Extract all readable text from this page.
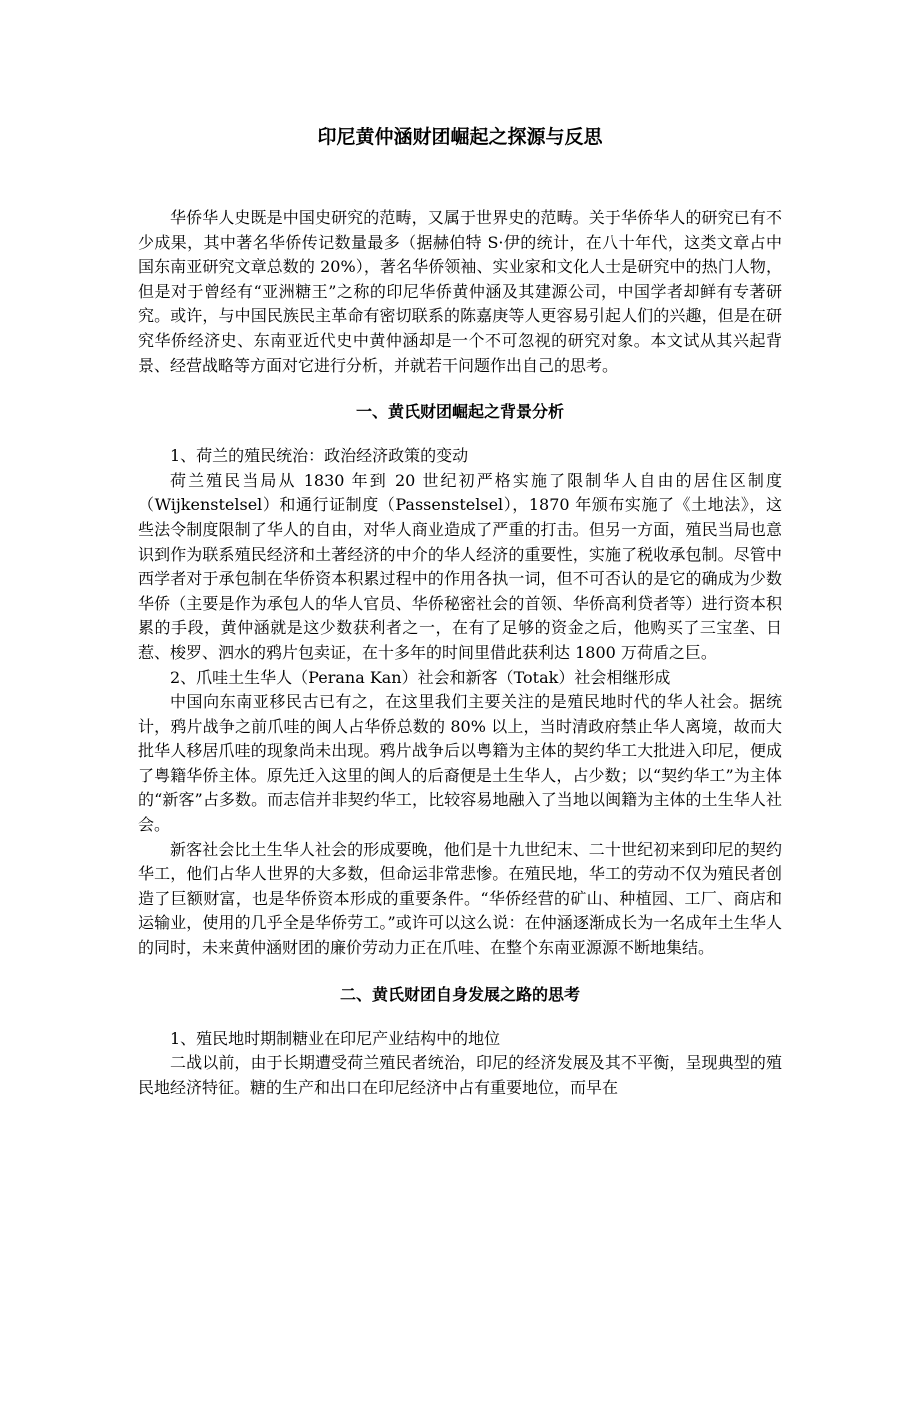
印尼黄仲涵财团崛起之探源与反思

华侨华人史既是中国史研究的范畴，又属于世界史的范畴。关于华侨华人的研究已有不少成果，其中著名华侨传记数量最多（据赫伯特 S·伊的统计，在八十年代，这类文章占中国东南亚研究文章总数的 20%），著名华侨领袖、实业家和文化人士是研究中的热门人物，但是对于曾经有“亚洲糖王”之称的印尼华侨黄仲涵及其建源公司，中国学者却鲜有专著研究。或许，与中国民族民主革命有密切联系的陈嘉庚等人更容易引起人们的兴趣，但是在研究华侨经济史、东南亚近代史中黄仲涵却是一个不可忽视的研究对象。本文试从其兴起背景、经营战略等方面对它进行分析，并就若干问题作出自己的思考。

一、黄氏财团崛起之背景分析

1、荷兰的殖民统治：政治经济政策的变动

荷兰殖民当局从 1830 年到 20 世纪初严格实施了限制华人自由的居住区制度（Wijkenstelsel）和通行证制度（Passenstelsel），1870 年颁布实施了《土地法》，这些法令制度限制了华人的自由，对华人商业造成了严重的打击。但另一方面，殖民当局也意识到作为联系殖民经济和土著经济的中介的华人经济的重要性，实施了税收承包制。尽管中西学者对于承包制在华侨资本积累过程中的作用各执一词，但不可否认的是它的确成为少数华侨（主要是作为承包人的华人官员、华侨秘密社会的首领、华侨高利贷者等）进行资本积累的手段，黄仲涵就是这少数获利者之一，在有了足够的资金之后，他购买了三宝垄、日惹、梭罗、泗水的鸦片包卖证，在十多年的时间里借此获利达 1800 万荷盾之巨。

2、爪哇土生华人（Perana Kan）社会和新客（Totak）社会相继形成

中国向东南亚移民古已有之，在这里我们主要关注的是殖民地时代的华人社会。据统计，鸦片战争之前爪哇的闽人占华侨总数的 80% 以上，当时清政府禁止华人离境，故而大批华人移居爪哇的现象尚未出现。鸦片战争后以粤籍为主体的契约华工大批进入印尼，便成了粤籍华侨主体。原先迁入这里的闽人的后裔便是土生华人，占少数；以“契约华工”为主体的“新客”占多数。而志信并非契约华工，比较容易地融入了当地以闽籍为主体的土生华人社会。

新客社会比土生华人社会的形成要晚，他们是十九世纪末、二十世纪初来到印尼的契约华工，他们占华人世界的大多数，但命运非常悲惨。在殖民地，华工的劳动不仅为殖民者创造了巨额财富，也是华侨资本形成的重要条件。“华侨经营的矿山、种植园、工厂、商店和运输业，使用的几乎全是华侨劳工。”或许可以这么说：在仲涵逐渐成长为一名成年土生华人的同时，未来黄仲涵财团的廉价劳动力正在爪哇、在整个东南亚源源不断地集结。

二、黄氏财团自身发展之路的思考

1、殖民地时期制糖业在印尼产业结构中的地位

二战以前，由于长期遭受荷兰殖民者统治，印尼的经济发展及其不平衡，呈现典型的殖民地经济特征。糖的生产和出口在印尼经济中占有重要地位，而早在
